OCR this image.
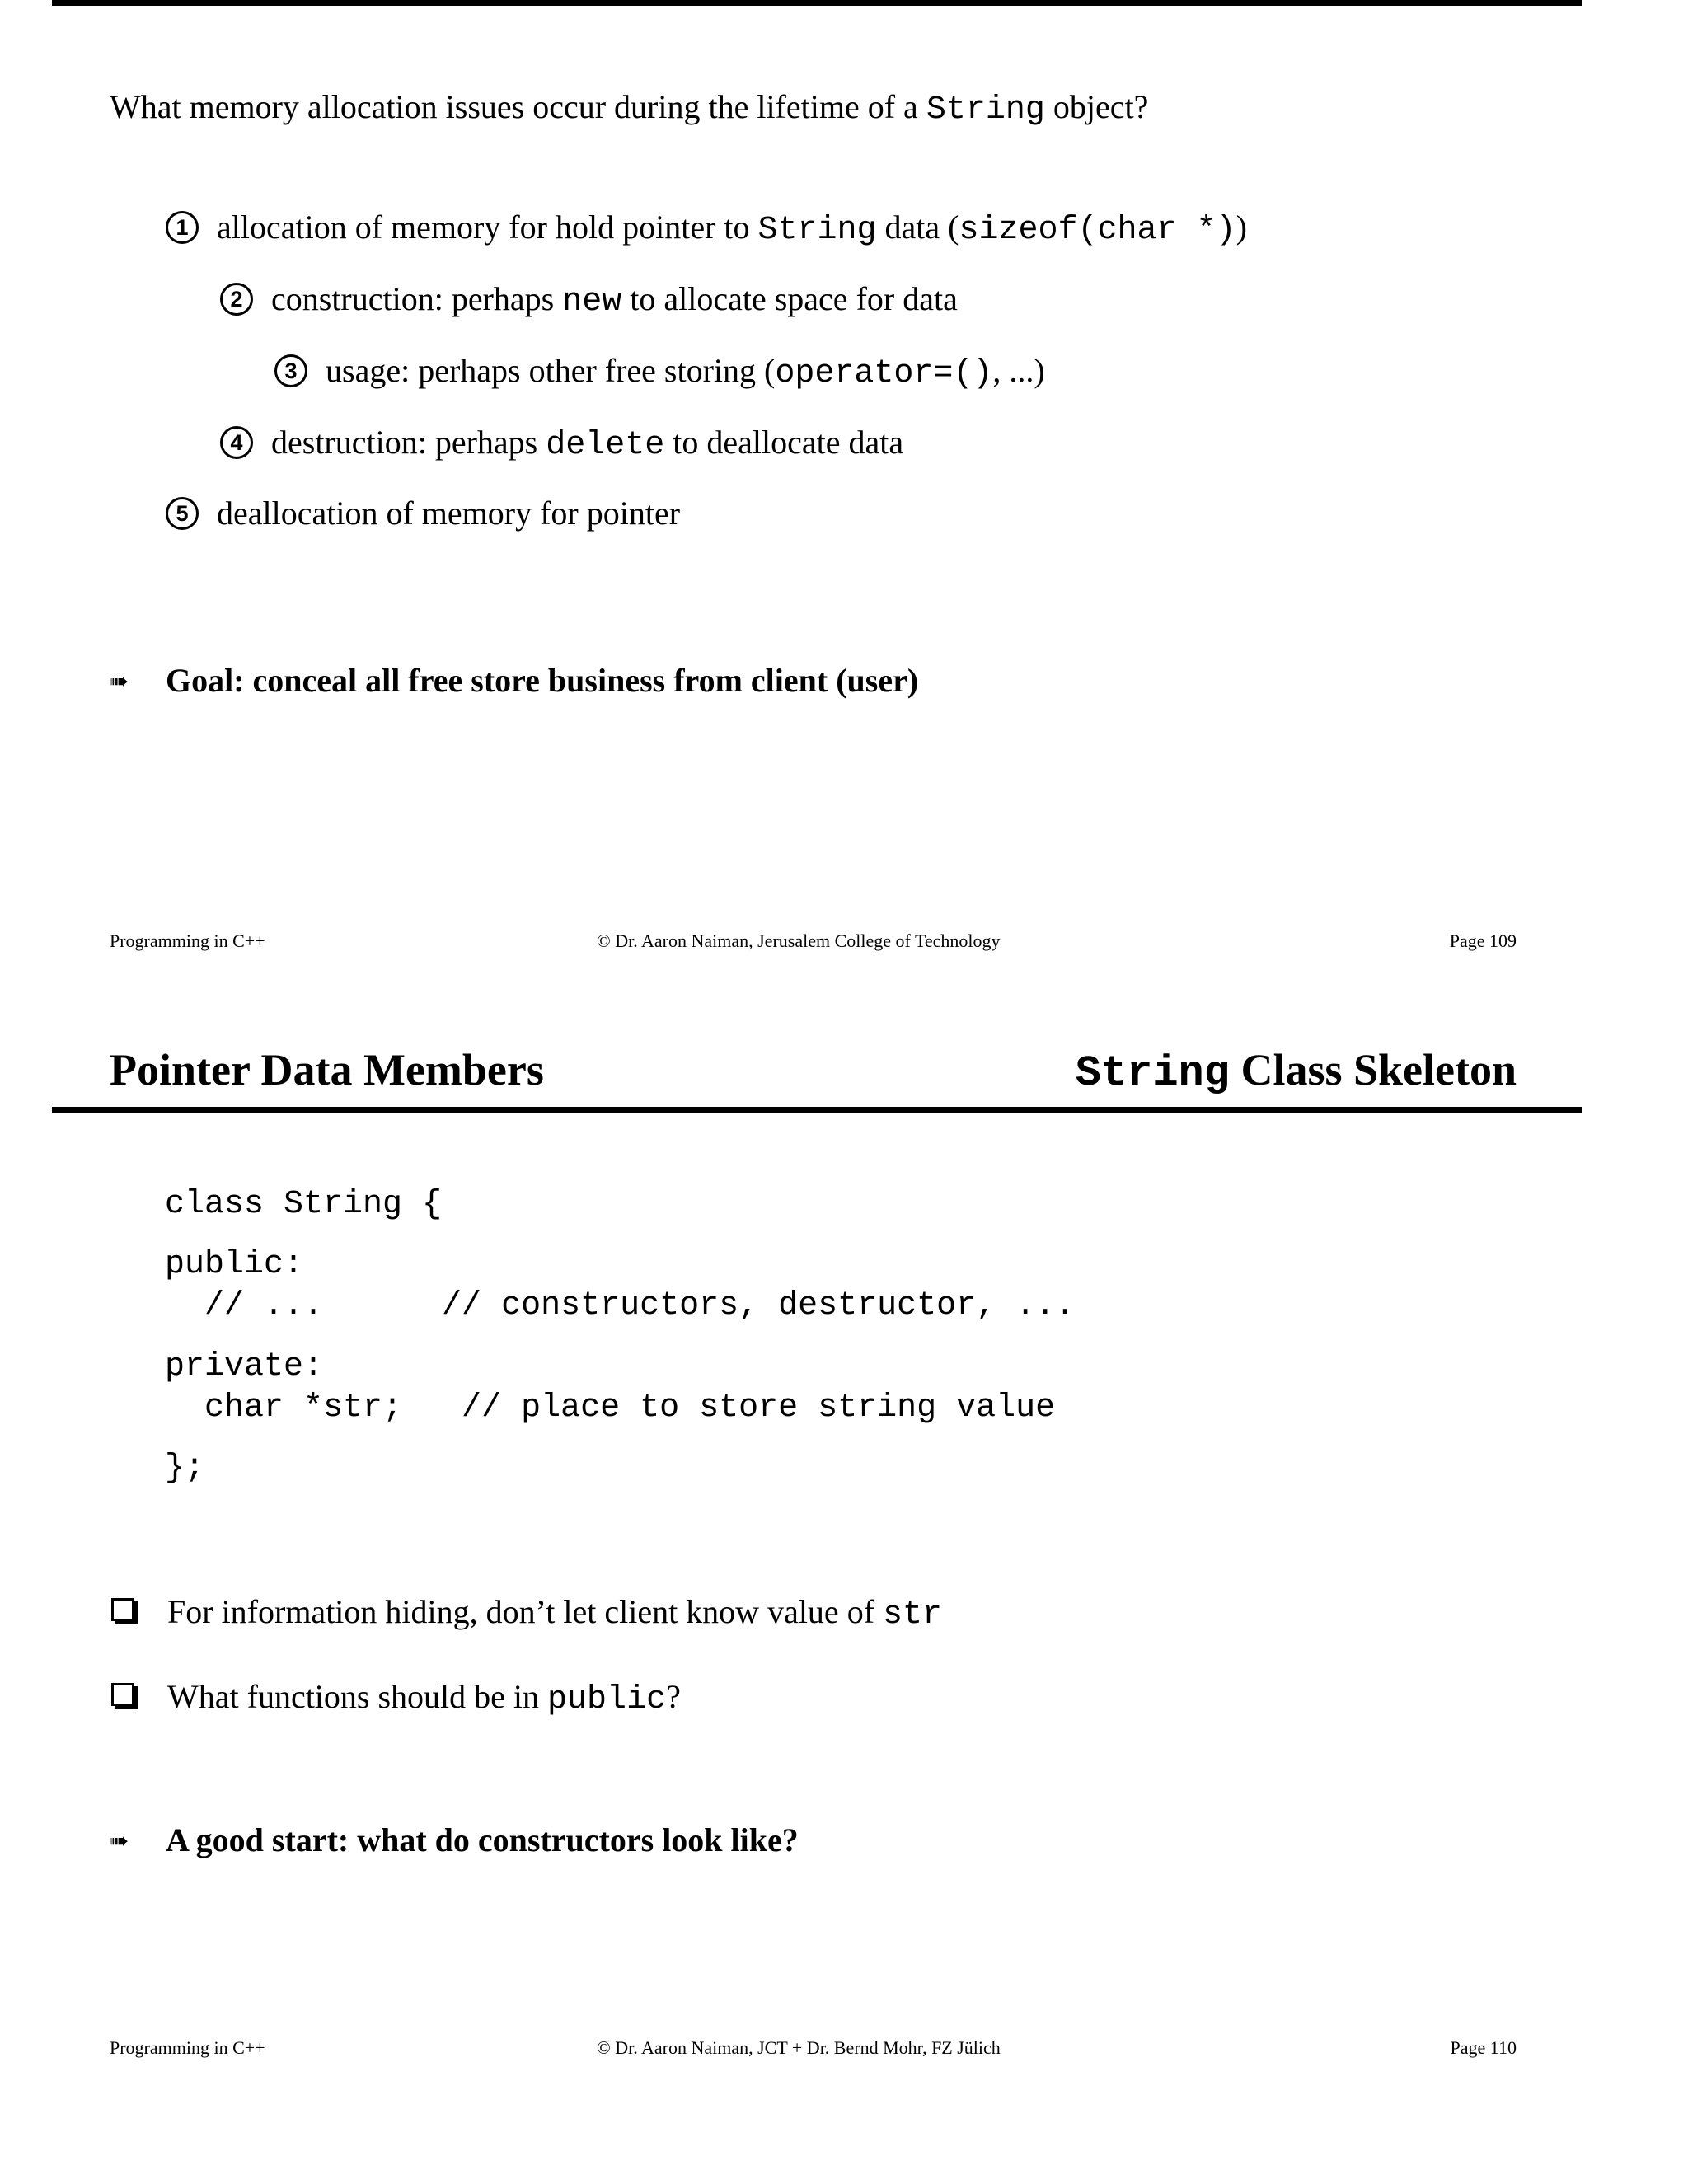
What memory allocation issues occur during the lifetime of a String object?
1 allocation of memory for hold pointer to String data (sizeof(char *))
2 construction: perhaps new to allocate space for data
3 usage: perhaps other free storing (operator=(), ...)
4 destruction: perhaps delete to deallocate data
5 deallocation of memory for pointer
➠ Goal: conceal all free store business from client (user)
Programming in C++	© Dr. Aaron Naiman, Jerusalem College of Technology	Page 109
Pointer Data Members	String Class Skeleton
class String {
public:
// ...      // constructors, destructor, ...
private:
char *str;   // place to store string value
};
For information hiding, don’t let client know value of str
What functions should be in public?
➠ A good start: what do constructors look like?
Programming in C++	© Dr. Aaron Naiman, JCT + Dr. Bernd Mohr, FZ Jülich	Page 110
